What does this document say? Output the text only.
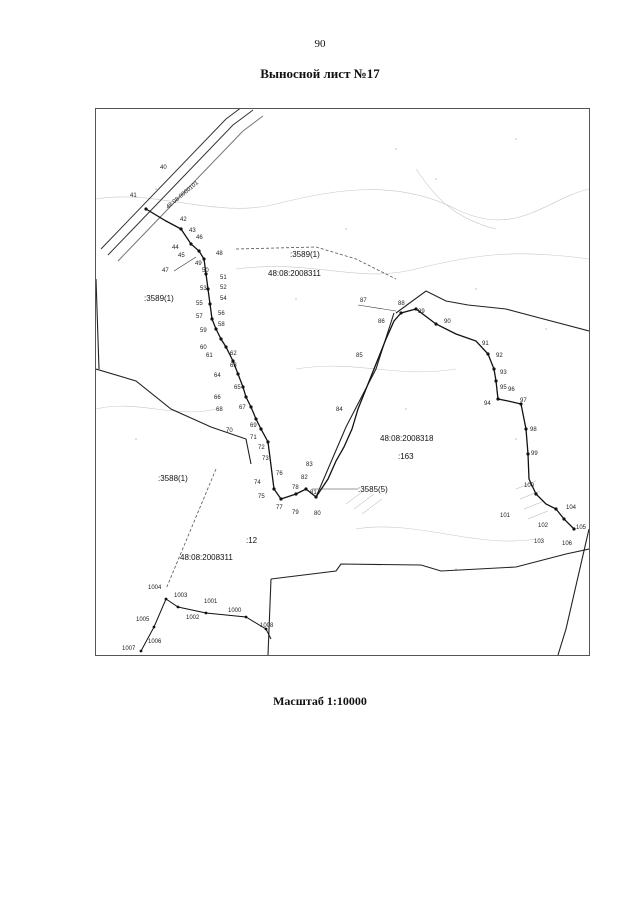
90
Выносной лист №17
40
41
42
43
44
45
46
47
48
49
50
51
52
53
54
55
56
57
58
59
60
61	62
63
64
65
66
67
68
69
70
71
72
73
74
75
76
77
78
79	80
81
82
83
84
85
86
87	88
89
90
91
92
93
94
95 96
97
98
99
100
101
102
103
104
105
106
1000
1001
1002
1003
1004
1005
1006
1007
1008
:3589(1)
48:08:2008311
:3589(1)
48:08:2008318
:163
:3588(1)
:3585(5)
48:08:2008311
:12
48:08:0000101
Масштаб 1:10000
